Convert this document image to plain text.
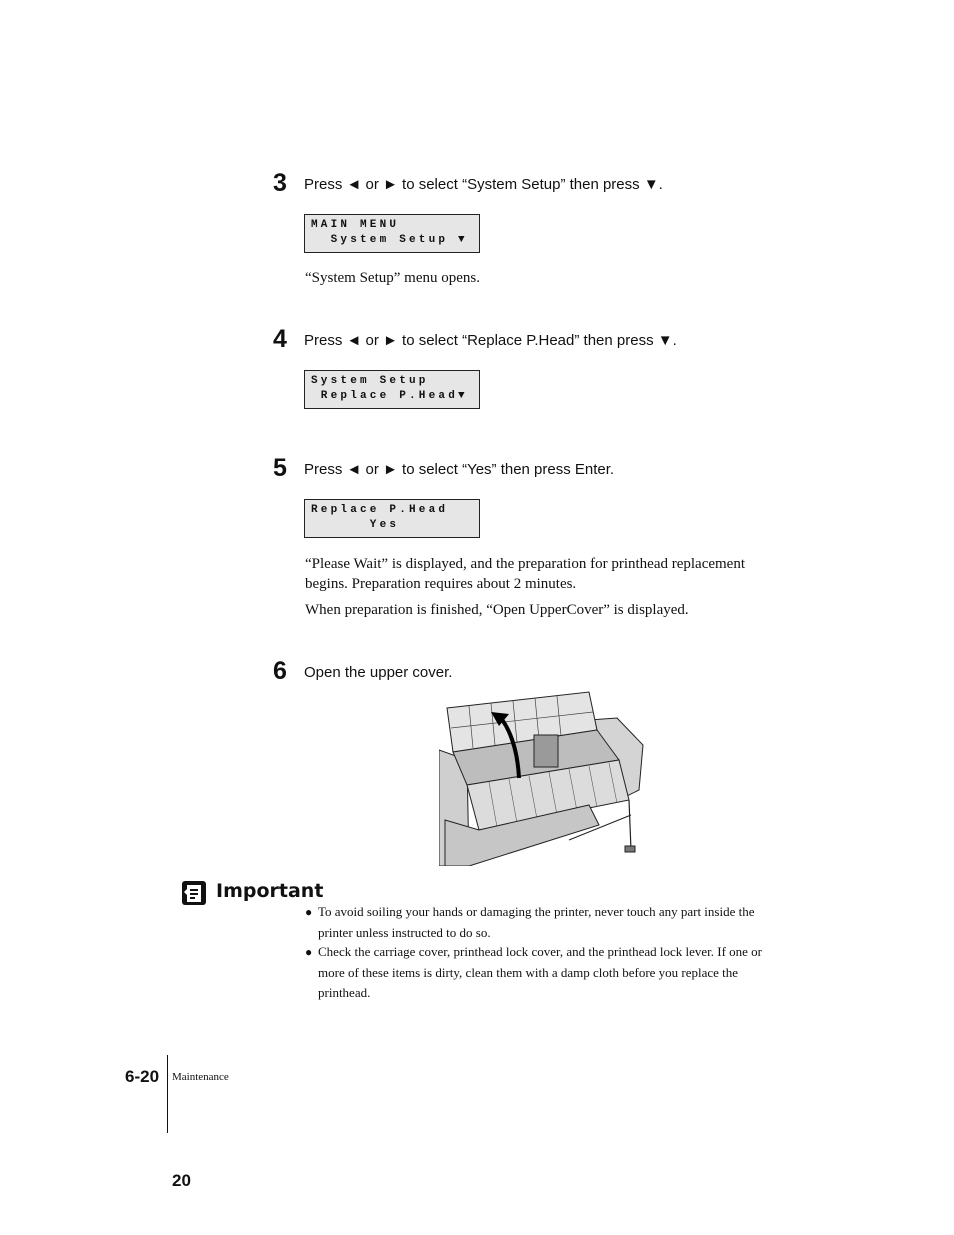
3 Press ◄ or ► to select “System Setup” then press ▼.

MAIN MENU

System Setup ▼

“System Setup” menu opens.
4 Press ◄ or ► to select “Replace P.Head” then press ▼.

System Setup

Replace P.Head▼

5 Press ◄ or ► to select “Yes” then press Enter.

Replace P.Head

Yes

“Please Wait” is displayed, and the preparation for printhead replacement begins. Preparation requires about 2 minutes.
When preparation is finished, “Open UpperCover” is displayed.
6 Open the upper cover.
Important
● To avoid soiling your hands or damaging the printer, never touch any part inside the printer unless instructed to do so.
● Check the carriage cover, printhead lock cover, and the printhead lock lever. If one or more of these items is dirty, clean them with a damp cloth before you replace the printhead.
6-20 Maintenance
20
